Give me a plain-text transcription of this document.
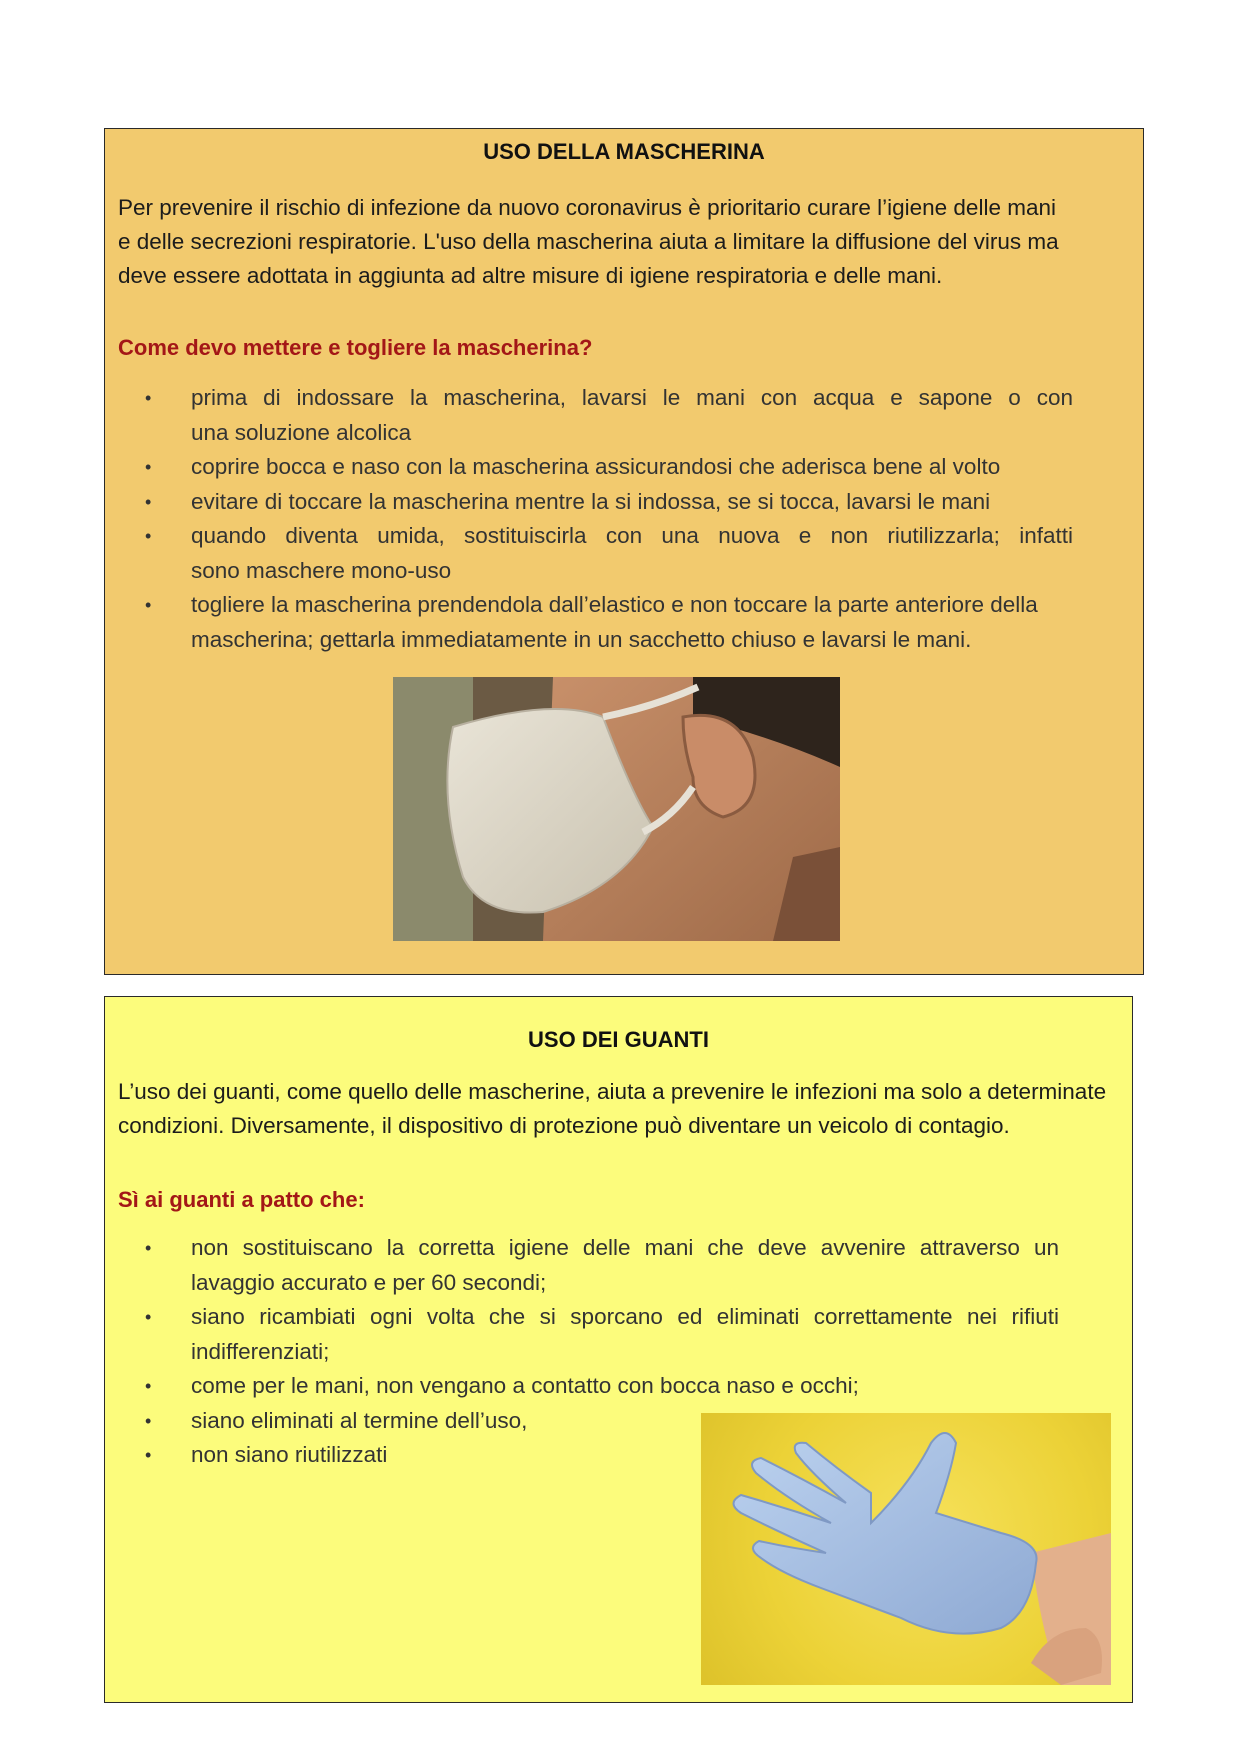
USO DELLA MASCHERINA
Per prevenire il rischio di infezione da nuovo coronavirus è prioritario curare l’igiene delle mani
e delle secrezioni respiratorie. L'uso della mascherina aiuta a limitare la diffusione del virus ma
deve essere adottata in aggiunta ad altre misure di igiene respiratoria e delle mani.
Come devo mettere e togliere la mascherina?
• prima di indossare la mascherina, lavarsi le mani con acqua e sapone o con
una soluzione alcolica
• coprire bocca e naso con la mascherina assicurandosi che aderisca bene al volto
• evitare di toccare la mascherina mentre la si indossa, se si tocca, lavarsi le mani
• quando diventa umida, sostituiscirla con una nuova e non riutilizzarla; infatti
sono maschere mono-uso
• togliere la mascherina prendendola dall’elastico e non toccare la parte anteriore della
mascherina; gettarla immediatamente in un sacchetto chiuso e lavarsi le mani.
USO DEI GUANTI
L’uso dei guanti, come quello delle mascherine, aiuta a prevenire le infezioni ma solo a determinate
condizioni. Diversamente, il dispositivo di protezione può diventare un veicolo di contagio.
Sì ai guanti a patto che:
• non sostituiscano la corretta igiene delle mani che deve avvenire attraverso un
lavaggio accurato e per 60 secondi;
• siano ricambiati ogni volta che si sporcano ed eliminati correttamente nei rifiuti
indifferenziati;
• come per le mani, non vengano a contatto con bocca naso e occhi;
• siano eliminati al termine dell’uso,
• non siano riutilizzati
